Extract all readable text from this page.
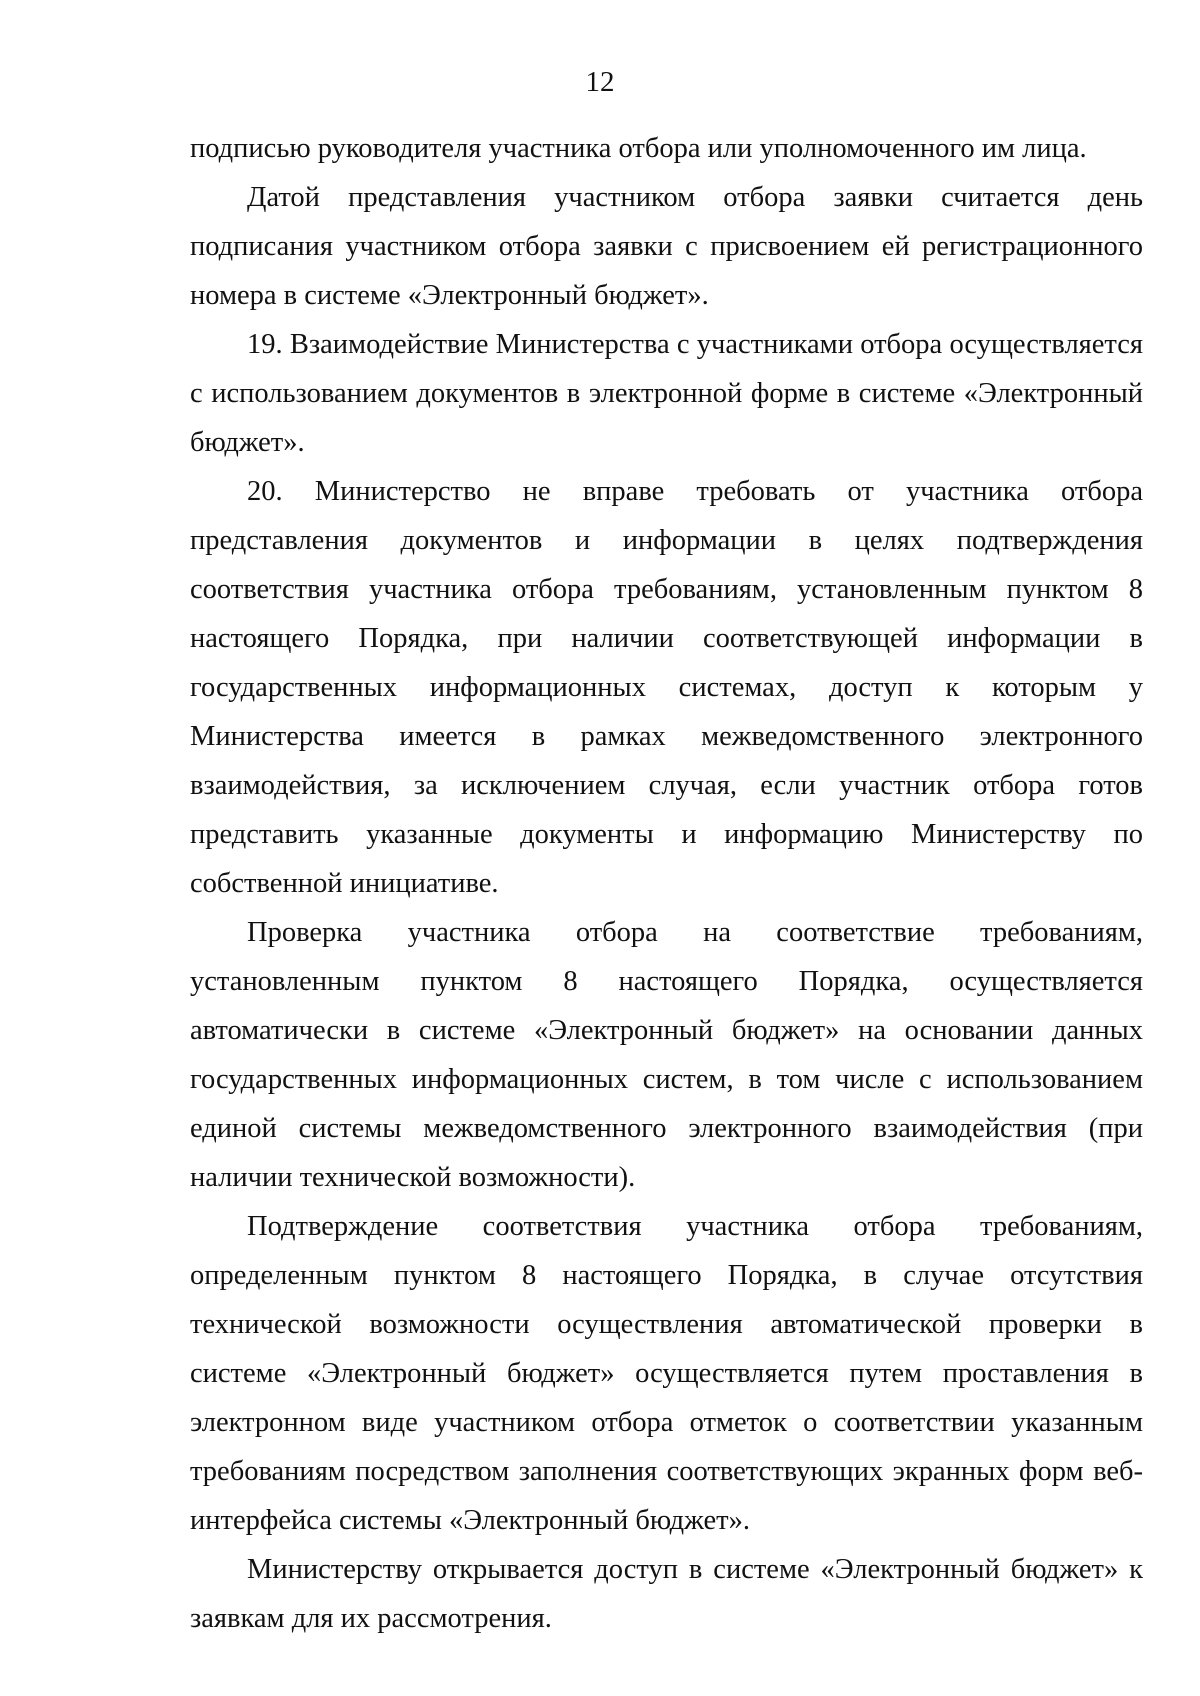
12

подписью руководителя участника отбора или уполномоченного им лица.

Датой представления участником отбора заявки считается день подписания участником отбора заявки с присвоением ей регистрационного номера в системе «Электронный бюджет».

19. Взаимодействие Министерства с участниками отбора осуществляется с использованием документов в электронной форме в системе «Электронный бюджет».

20. Министерство не вправе требовать от участника отбора представления документов и информации в целях подтверждения соответствия участника отбора требованиям, установленным пунктом 8 настоящего Порядка, при наличии соответствующей информации в государственных информационных системах, доступ к которым у Министерства имеется в рамках межведомственного электронного взаимодействия, за исключением случая, если участник отбора готов представить указанные документы и информацию Министерству по собственной инициативе.

Проверка участника отбора на соответствие требованиям, установленным пунктом 8 настоящего Порядка, осуществляется автоматически в системе «Электронный бюджет» на основании данных государственных информационных систем, в том числе с использованием единой системы межведомственного электронного взаимодействия (при наличии технической возможности).

Подтверждение соответствия участника отбора требованиям, определенным пунктом 8 настоящего Порядка, в случае отсутствия технической возможности осуществления автоматической проверки в системе «Электронный бюджет» осуществляется путем проставления в электронном виде участником отбора отметок о соответствии указанным требованиям посредством заполнения соответствующих экранных форм веб-интерфейса системы «Электронный бюджет».

Министерству открывается доступ в системе «Электронный бюджет» к заявкам для их рассмотрения.
